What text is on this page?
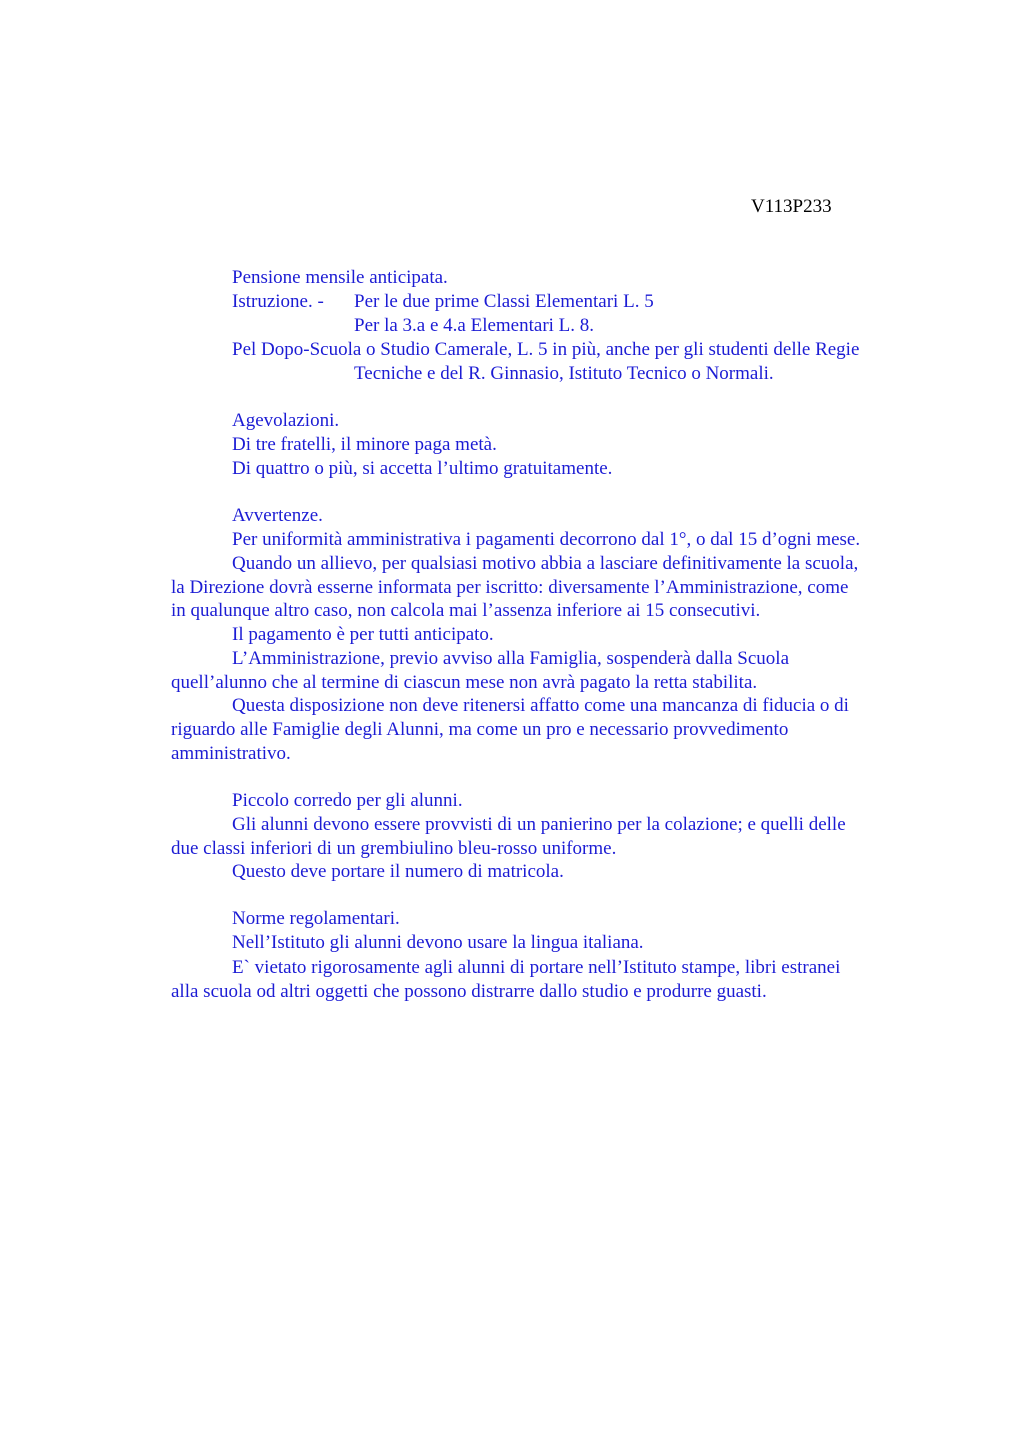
V113P233
Pensione mensile anticipata.
Istruzione. - Per le due prime Classi Elementari L. 5
Per la 3.a e 4.a Elementari L. 8.
Pel Dopo-Scuola o Studio Camerale, L. 5 in più, anche per gli studenti delle Regie
Tecniche e del R. Ginnasio, Istituto Tecnico o Normali.
Agevolazioni.
Di tre fratelli, il minore paga metà.
Di quattro o più, si accetta l’ultimo gratuitamente.
Avvertenze.
Per uniformità amministrativa i pagamenti decorrono dal 1°, o dal 15 d’ogni mese.
Quando un allievo, per qualsiasi motivo abbia a lasciare definitivamente la scuola,
la Direzione dovrà esserne informata per iscritto: diversamente l’Amministrazione, come
in qualunque altro caso, non calcola mai l’assenza inferiore ai 15 consecutivi.
Il pagamento è per tutti anticipato.
L’Amministrazione, previo avviso alla Famiglia, sospenderà dalla Scuola
quell’alunno che al termine di ciascun mese non avrà pagato la retta stabilita.
Questa disposizione non deve ritenersi affatto come una mancanza di fiducia o di
riguardo alle Famiglie degli Alunni, ma come un pro e necessario provvedimento
amministrativo.
Piccolo corredo per gli alunni.
Gli alunni devono essere provvisti di un panierino per la colazione; e quelli delle
due classi inferiori di un grembiulino bleu-rosso uniforme.
Questo deve portare il numero di matricola.
Norme regolamentari.
Nell’Istituto gli alunni devono usare la lingua italiana.
E` vietato rigorosamente agli alunni di portare nell’Istituto stampe, libri estranei
alla scuola od altri oggetti che possono distrarre dallo studio e produrre guasti.
